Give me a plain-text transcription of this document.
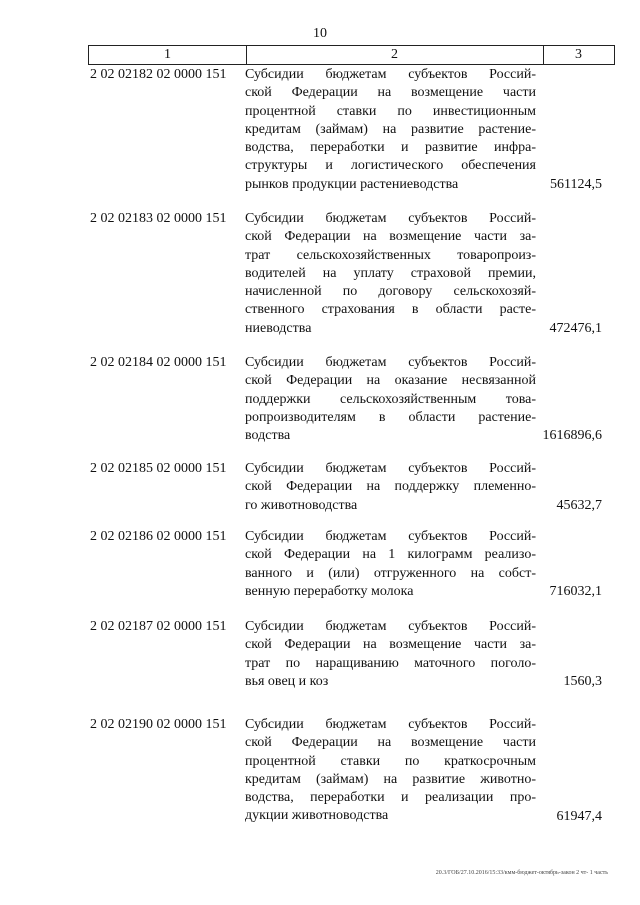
10
1	2	3
2 02 02182 02 0000 151 Субсидии бюджетам субъектов Россий-
ской Федерации на возмещение части
процентной ставки по инвестиционным
кредитам (займам) на развитие растение-
водства, переработки и развитие инфра-
структуры и логистического обеспечения
рынков продукции растениеводства	561124,5
2 02 02183 02 0000 151 Субсидии бюджетам субъектов Россий-
ской Федерации на возмещение части за-
трат сельскохозяйственных товаропроиз-
водителей на уплату страховой премии,
начисленной по договору сельскохозяй-
ственного страхования в области расте-
ниеводства	472476,1
2 02 02184 02 0000 151 Субсидии бюджетам субъектов Россий-
ской Федерации на оказание несвязанной
поддержки сельскохозяйственным това-
ропроизводителям в области растение-
водства	1616896,6
2 02 02185 02 0000 151 Субсидии бюджетам субъектов Россий-
ской Федерации на поддержку племенно-
го животноводства	45632,7
2 02 02186 02 0000 151 Субсидии бюджетам субъектов Россий-
ской Федерации на 1 килограмм реализо-
ванного и (или) отгруженного на собст-
венную переработку молока	716032,1
2 02 02187 02 0000 151 Субсидии бюджетам субъектов Россий-
ской Федерации на возмещение части за-
трат по наращиванию маточного поголо-
вья овец и коз	1560,3
2 02 02190 02 0000 151 Субсидии бюджетам субъектов Россий-
ской Федерации на возмещение части
процентной ставки по краткосрочным
кредитам (займам) на развитие животно-
водства, переработки и реализации про-
дукции животноводства	61947,4
20.3/ГОБ/27.10.2016/15:33/кмм-бюджет-октябрь-закон 2 чт- 1 часть
